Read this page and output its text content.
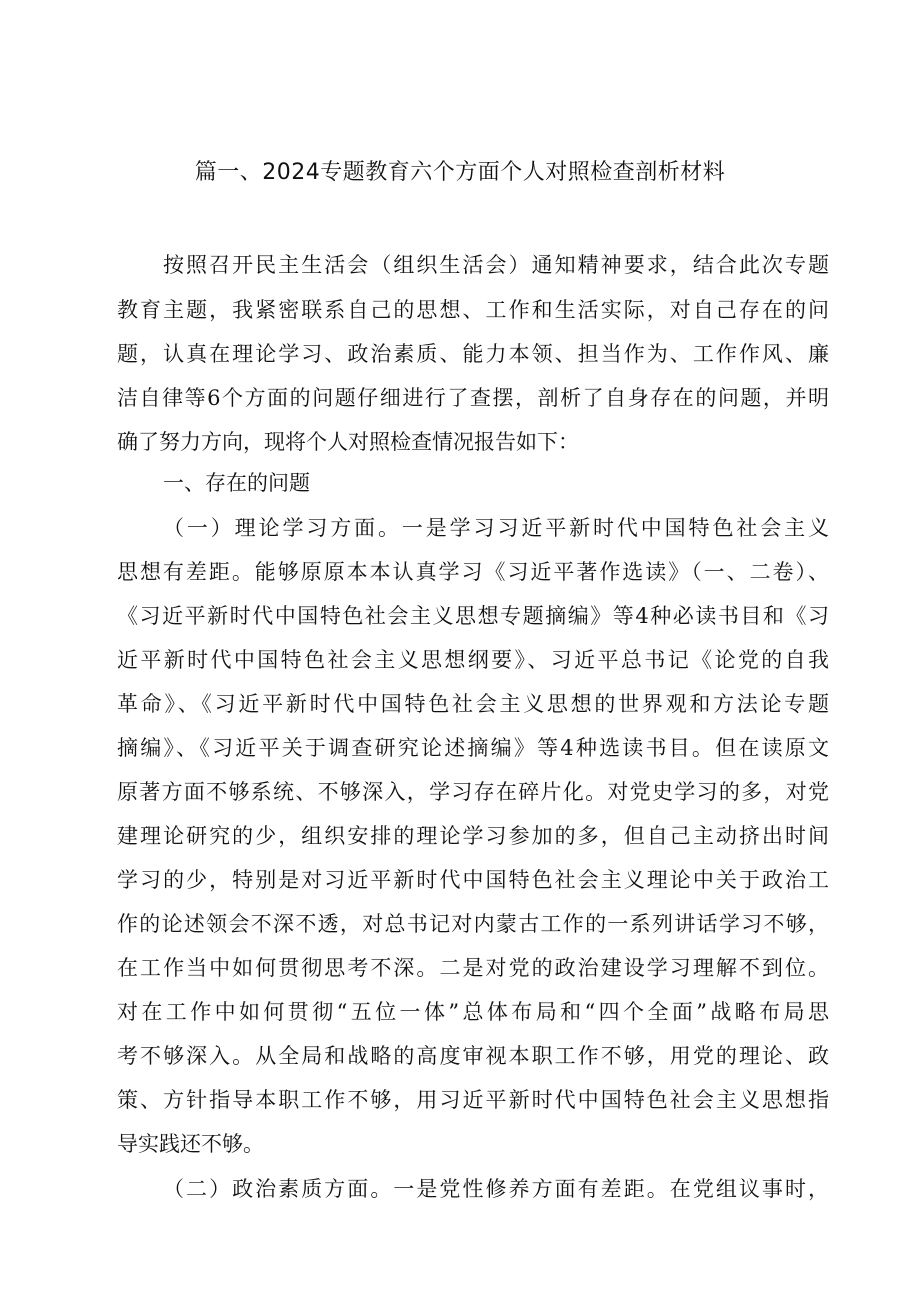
篇一、2024专题教育六个方面个人对照检查剖析材料

按照召开民主生活会（组织生活会）通知精神要求，结合此次专题

教育主题，我紧密联系自己的思想、工作和生活实际，对自己存在的问

题，认真在理论学习、政治素质、能力本领、担当作为、工作作风、廉

洁自律等6个方面的问题仔细进行了查摆，剖析了自身存在的问题，并明

确了努力方向，现将个人对照检查情况报告如下：

一、存在的问题

（一）理论学习方面。一是学习习近平新时代中国特色社会主义

思想有差距。能够原原本本认真学习《习近平著作选读》（一、二卷）、

《习近平新时代中国特色社会主义思想专题摘编》等4种必读书目和《习

近平新时代中国特色社会主义思想纲要》、习近平总书记《论党的自我

革命》、《习近平新时代中国特色社会主义思想的世界观和方法论专题

摘编》、《习近平关于调查研究论述摘编》等4种选读书目。但在读原文

原著方面不够系统、不够深入，学习存在碎片化。对党史学习的多，对党

建理论研究的少，组织安排的理论学习参加的多，但自己主动挤出时间

学习的少，特别是对习近平新时代中国特色社会主义理论中关于政治工

作的论述领会不深不透，对总书记对内蒙古工作的一系列讲话学习不够，

在工作当中如何贯彻思考不深。二是对党的政治建设学习理解不到位。

对在工作中如何贯彻“五位一体”总体布局和“四个全面”战略布局思

考不够深入。从全局和战略的高度审视本职工作不够，用党的理论、政

策、方针指导本职工作不够，用习近平新时代中国特色社会主义思想指

导实践还不够。

（二）政治素质方面。一是党性修养方面有差距。在党组议事时，
